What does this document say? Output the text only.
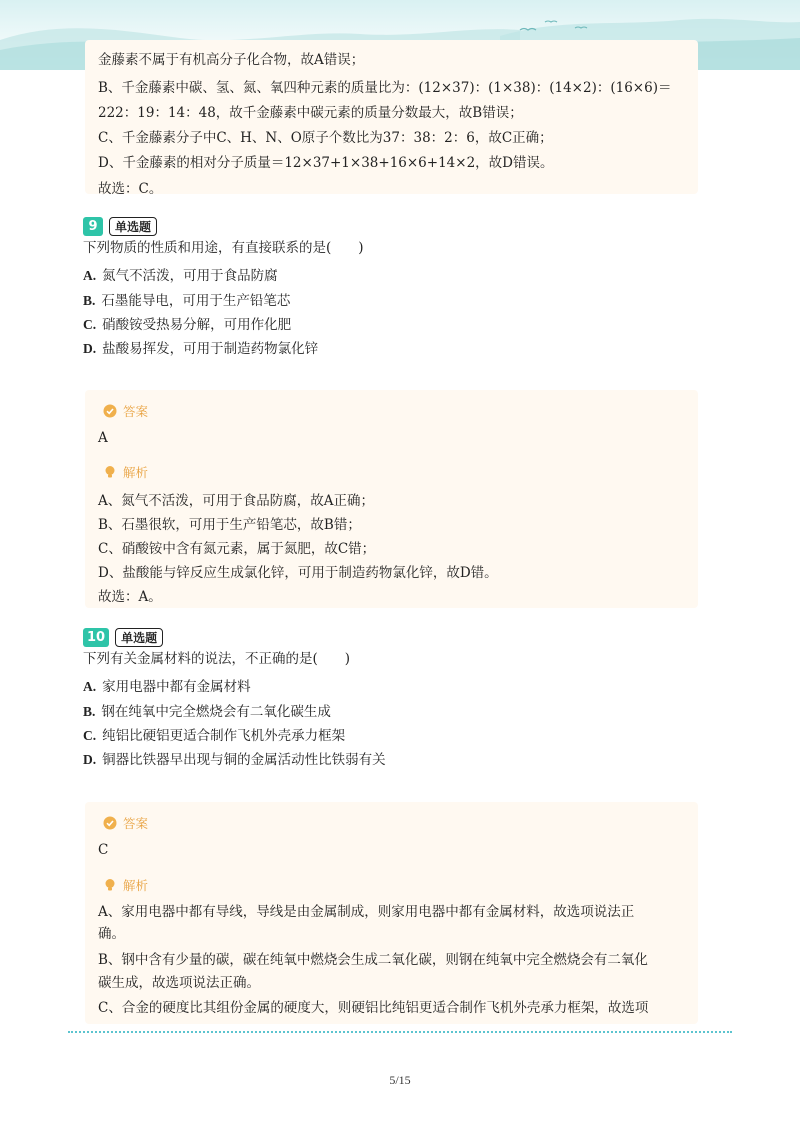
金藤素不属于有机高分子化合物，故A错误；
B、千金藤素中碳、氢、氮、氧四种元素的质量比为：(12×37)：(1×38)：(14×2)：(16×6)＝
222：19：14：48，故千金藤素中碳元素的质量分数最大，故B错误；
C、千金藤素分子中C、H、N、O原子个数比为37：38：2：6，故C正确；
D、千金藤素的相对分子质量＝12×37+1×38+16×6+14×2，故D错误。
故选：C。
9	单选题
下列物质的性质和用途，有直接联系的是(　　)
A. 氮气不活泼，可用于食品防腐
B. 石墨能导电，可用于生产铅笔芯
C. 硝酸铵受热易分解，可用作化肥
D. 盐酸易挥发，可用于制造药物氯化锌
答案
A
解析
A、氮气不活泼，可用于食品防腐，故A正确；
B、石墨很软，可用于生产铅笔芯，故B错；
C、硝酸铵中含有氮元素，属于氮肥，故C错；
D、盐酸能与锌反应生成氯化锌，可用于制造药物氯化锌，故D错。
故选：A。
10	单选题
下列有关金属材料的说法，不正确的是(　　)
A. 家用电器中都有金属材料
B. 钢在纯氧中完全燃烧会有二氧化碳生成
C. 纯铝比硬铝更适合制作飞机外壳承力框架
D. 铜器比铁器早出现与铜的金属活动性比铁弱有关
答案
C
解析
A、家用电器中都有导线，导线是由金属制成，则家用电器中都有金属材料，故选项说法正
确。
B、钢中含有少量的碳，碳在纯氧中燃烧会生成二氧化碳，则钢在纯氧中完全燃烧会有二氧化
碳生成，故选项说法正确。
C、合金的硬度比其组份金属的硬度大，则硬铝比纯铝更适合制作飞机外壳承力框架，故选项
5/15
